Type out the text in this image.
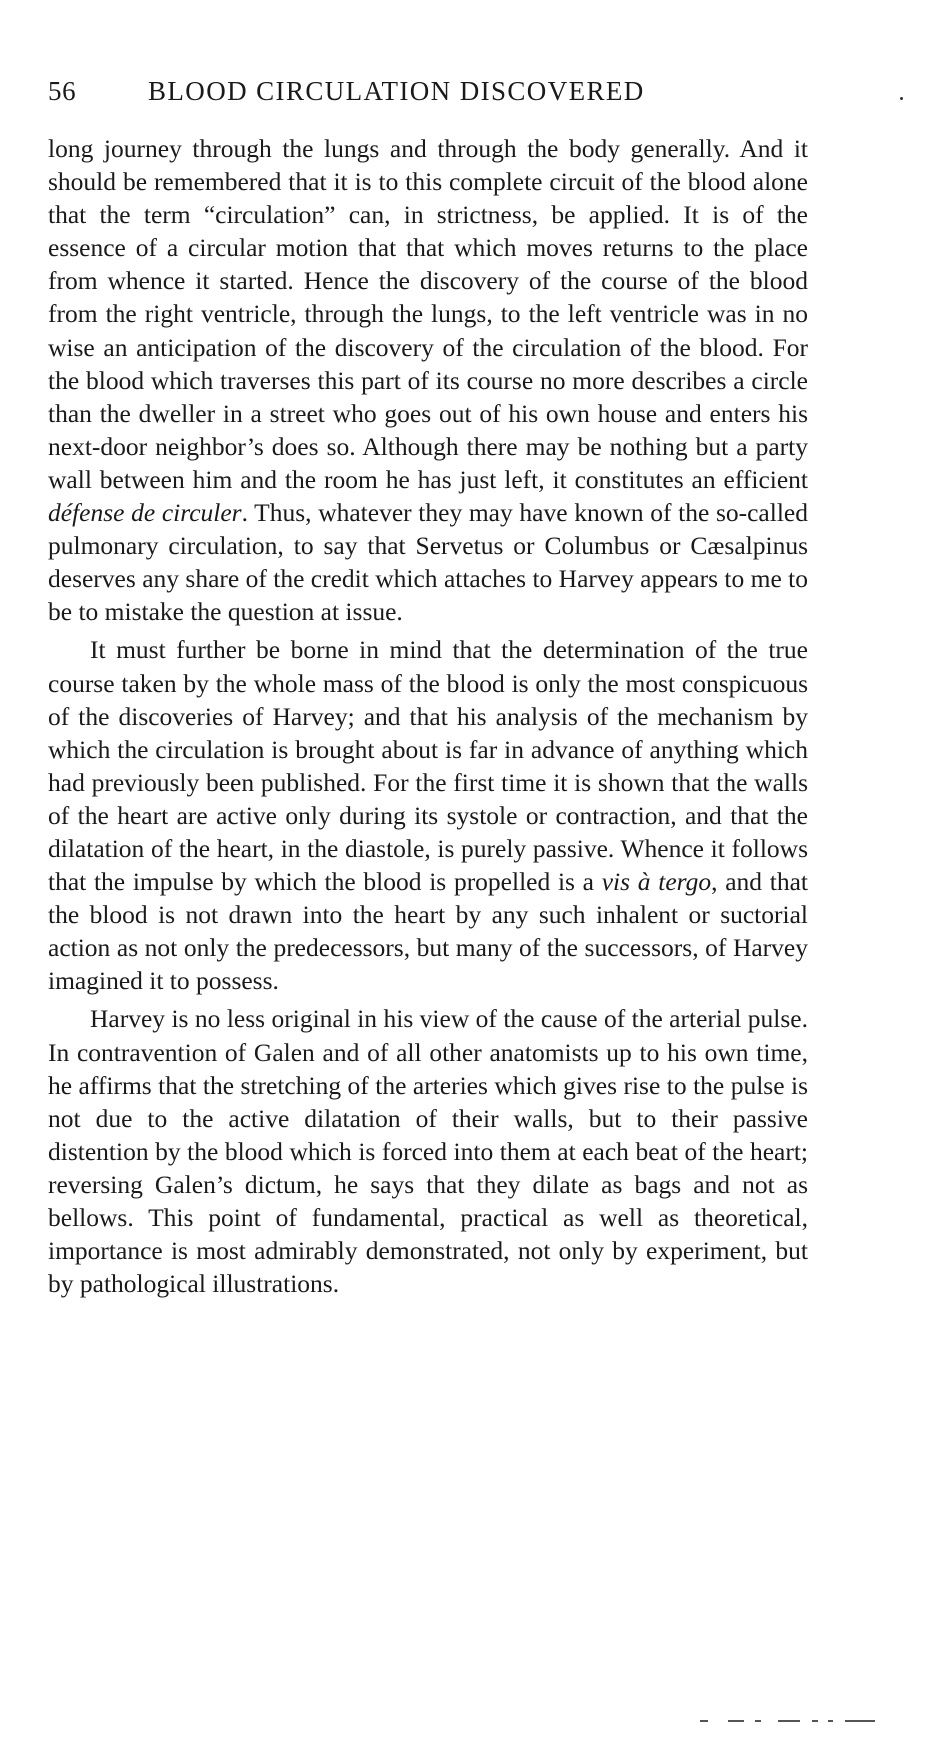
56	BLOOD CIRCULATION DISCOVERED

long journey through the lungs and through the body generally. And it should be remembered that it is to this complete circuit of the blood alone that the term “circulation” can, in strictness, be applied. It is of the essence of a circular motion that that which moves returns to the place from whence it started. Hence the discovery of the course of the blood from the right ventricle, through the lungs, to the left ventricle was in no wise an anticipation of the discovery of the circulation of the blood. For the blood which traverses this part of its course no more describes a circle than the dweller in a street who goes out of his own house and enters his next-door neighbor’s does so. Although there may be nothing but a party wall between him and the room he has just left, it constitutes an efficient défense de circuler. Thus, whatever they may have known of the so-called pulmonary circulation, to say that Servetus or Columbus or Cæsalpinus deserves any share of the credit which attaches to Harvey appears to me to be to mistake the question at issue.

It must further be borne in mind that the determination of the true course taken by the whole mass of the blood is only the most conspicuous of the discoveries of Harvey; and that his analysis of the mechanism by which the circulation is brought about is far in advance of anything which had previously been published. For the first time it is shown that the walls of the heart are active only during its systole or contraction, and that the dilatation of the heart, in the diastole, is purely passive. Whence it follows that the impulse by which the blood is propelled is a vis à tergo, and that the blood is not drawn into the heart by any such inhalent or suctorial action as not only the predecessors, but many of the successors, of Harvey imagined it to possess.

Harvey is no less original in his view of the cause of the arterial pulse. In contravention of Galen and of all other anatomists up to his own time, he affirms that the stretching of the arteries which gives rise to the pulse is not due to the active dilatation of their walls, but to their passive distention by the blood which is forced into them at each beat of the heart; reversing Galen’s dictum, he says that they dilate as bags and not as bellows. This point of fundamental, practical as well as theoretical, importance is most admirably demonstrated, not only by experiment, but by pathological illustrations.
